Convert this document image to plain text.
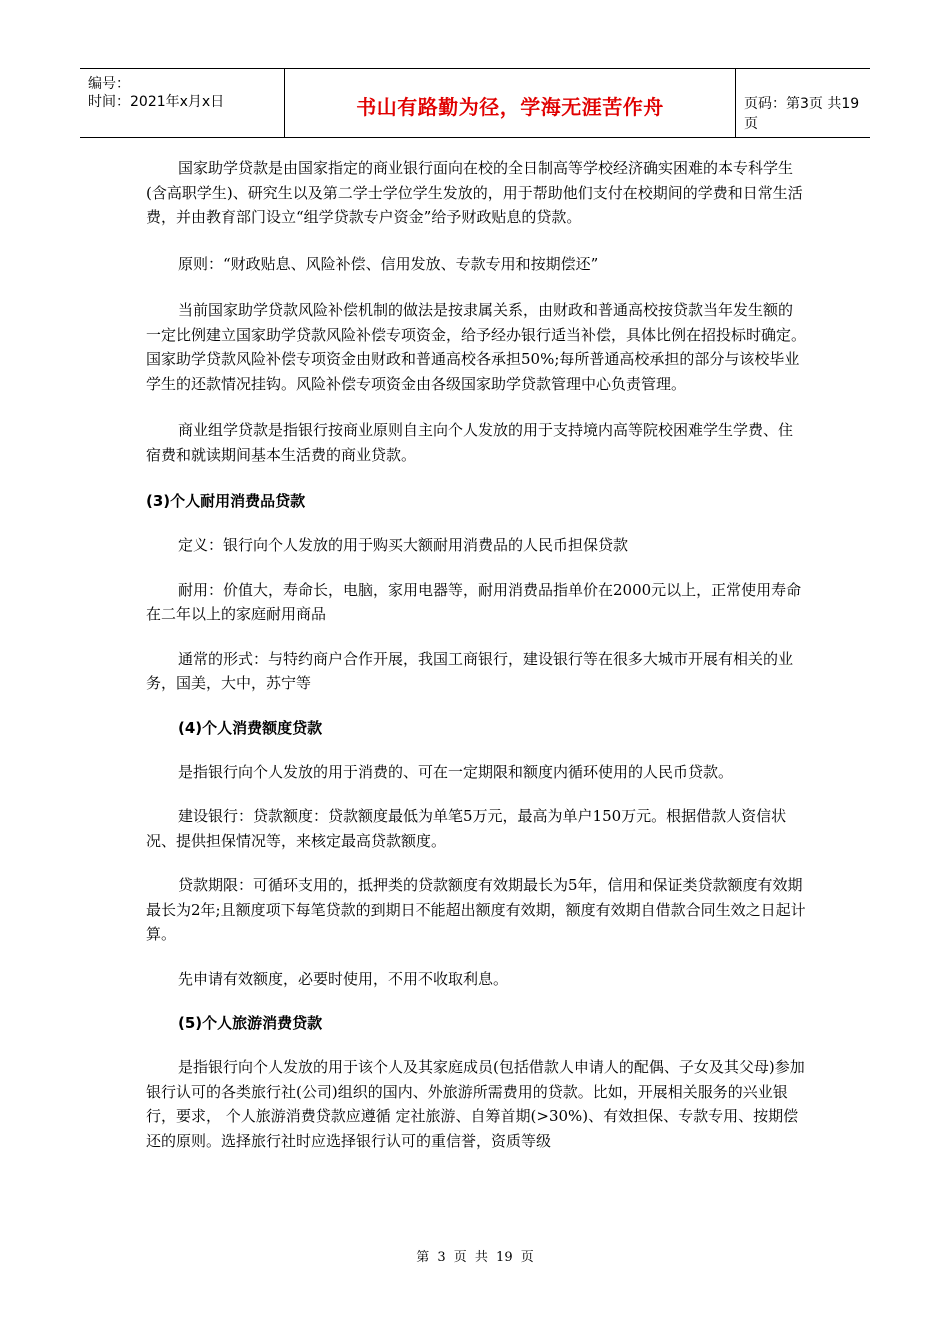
编号：
时间：2021年x月x日	书山有路勤为径，学海无涯苦作舟	页码：第3页 共19页

国家助学贷款是由国家指定的商业银行面向在校的全日制高等学校经济确实困难的本专科学生(含高职学生)、研究生以及第二学士学位学生发放的，用于帮助他们支付在校期间的学费和日常生活费，并由教育部门设立“组学贷款专户资金”给予财政贴息的贷款。

原则：“财政贴息、风险补偿、信用发放、专款专用和按期偿还”

当前国家助学贷款风险补偿机制的做法是按隶属关系，由财政和普通高校按贷款当年发生额的一定比例建立国家助学贷款风险补偿专项资金，给予经办银行适当补偿，具体比例在招投标时确定。国家助学贷款风险补偿专项资金由财政和普通高校各承担50%;每所普通高校承担的部分与该校毕业学生的还款情况挂钩。风险补偿专项资金由各级国家助学贷款管理中心负责管理。

商业组学贷款是指银行按商业原则自主向个人发放的用于支持境内高等院校困难学生学费、住宿费和就读期间基本生活费的商业贷款。

(3)个人耐用消费品贷款

定义：银行向个人发放的用于购买大额耐用消费品的人民币担保贷款

耐用：价值大，寿命长，电脑，家用电器等，耐用消费品指单价在2000元以上，正常使用寿命在二年以上的家庭耐用商品

通常的形式：与特约商户合作开展，我国工商银行，建设银行等在很多大城市开展有相关的业务，国美，大中，苏宁等

(4)个人消费额度贷款

是指银行向个人发放的用于消费的、可在一定期限和额度内循环使用的人民币贷款。

建设银行：贷款额度：贷款额度最低为单笔5万元，最高为单户150万元。根据借款人资信状况、提供担保情况等，来核定最高贷款额度。

贷款期限：可循环支用的，抵押类的贷款额度有效期最长为5年，信用和保证类贷款额度有效期最长为2年;且额度项下每笔贷款的到期日不能超出额度有效期，额度有效期自借款合同生效之日起计算。

先申请有效额度，必要时使用，不用不收取利息。

(5)个人旅游消费贷款

是指银行向个人发放的用于该个人及其家庭成员(包括借款人申请人的配偶、子女及其父母)参加银行认可的各类旅行社(公司)组织的国内、外旅游所需费用的贷款。比如，开展相关服务的兴业银行，要求， 个人旅游消费贷款应遵循 定社旅游、自筹首期(>30%)、有效担保、专款专用、按期偿还的原则。选择旅行社时应选择银行认可的重信誉，资质等级

第 3 页 共 19 页
